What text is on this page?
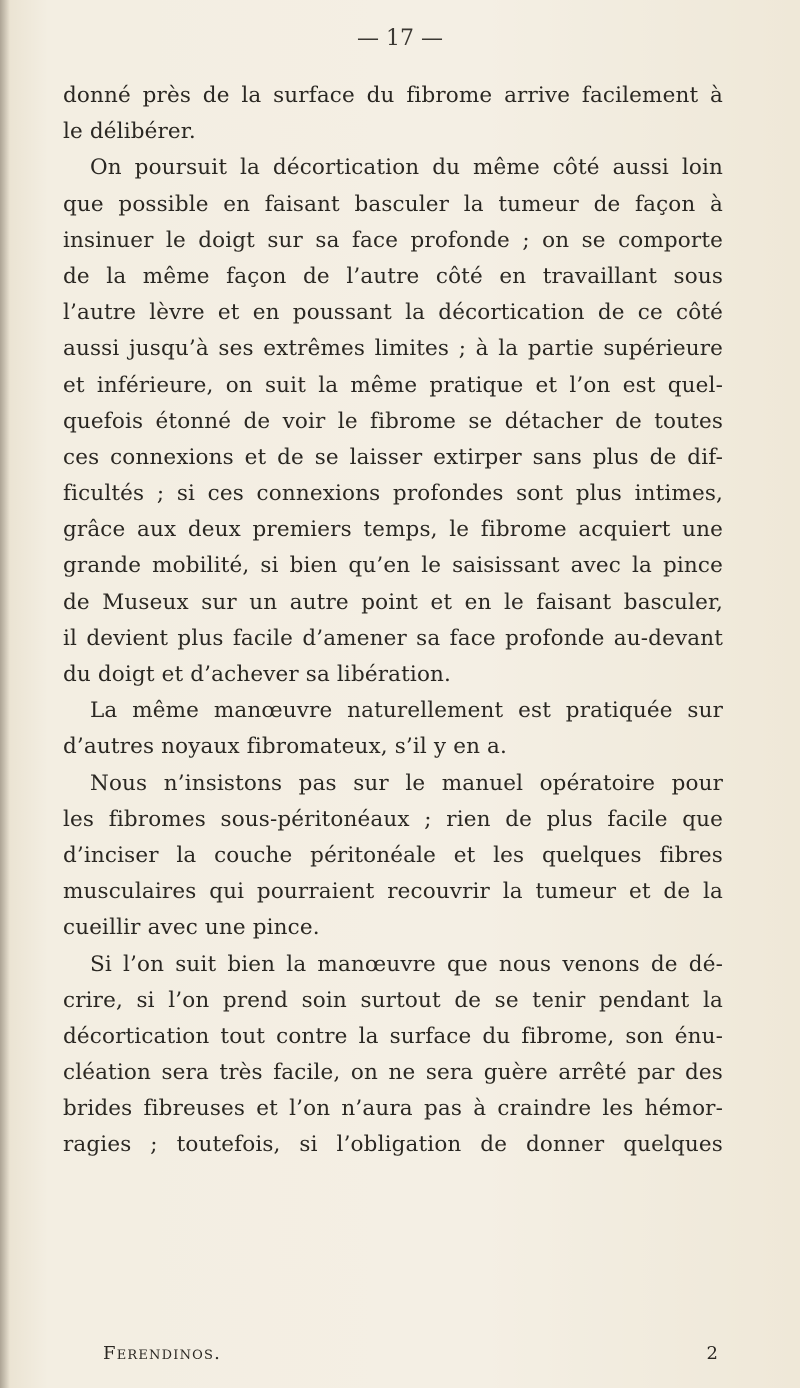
— 17 —
donné près de la surface du fibrome arrive facilement à
le délibérer.
On poursuit la décortication du même côté aussi loin
que possible en faisant basculer la tumeur de façon à
insinuer le doigt sur sa face profonde ; on se comporte
de la même façon de l’autre côté en travaillant sous
l’autre lèvre et en poussant la décortication de ce côté
aussi jusqu’à ses extrêmes limites ; à la partie supérieure
et inférieure, on suit la même pratique et l’on est quel-
quefois étonné de voir le fibrome se détacher de toutes
ces connexions et de se laisser extirper sans plus de dif-
ficultés ; si ces connexions profondes sont plus intimes,
grâce aux deux premiers temps, le fibrome acquiert une
grande mobilité, si bien qu’en le saisissant avec la pince
de Museux sur un autre point et en le faisant basculer,
il devient plus facile d’amener sa face profonde au-devant
du doigt et d’achever sa libération.
La même manœuvre naturellement est pratiquée sur
d’autres noyaux fibromateux, s’il y en a.
Nous n’insistons pas sur le manuel opératoire pour
les fibromes sous-péritonéaux ; rien de plus facile que
d’inciser la couche péritonéale et les quelques fibres
musculaires qui pourraient recouvrir la tumeur et de la
cueillir avec une pince.
Si l’on suit bien la manœuvre que nous venons de dé-
crire, si l’on prend soin surtout de se tenir pendant la
décortication tout contre la surface du fibrome, son énu-
cléation sera très facile, on ne sera guère arrêté par des
brides fibreuses et l’on n’aura pas à craindre les hémor-
ragies ; toutefois, si l’obligation de donner quelques
Ferendinos.	2
